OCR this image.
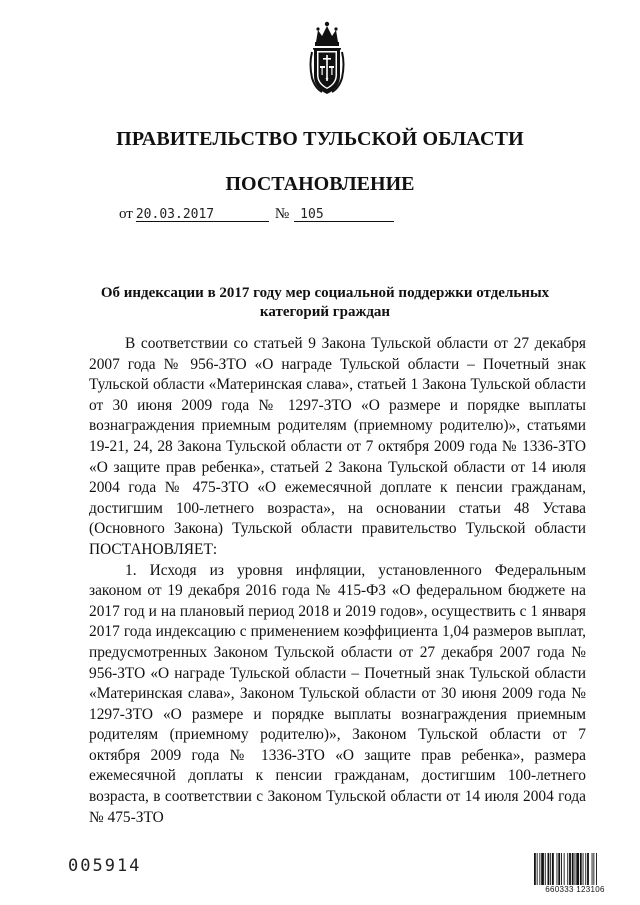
ПРАВИТЕЛЬСТВО ТУЛЬСКОЙ ОБЛАСТИ
ПОСТАНОВЛЕНИЕ
от 20.03.2017	№ 105
Об индексации в 2017 году мер социальной поддержки отдельных категорий граждан

В соответствии со статьей 9 Закона Тульской области от 27 декабря 2007 года № 956-ЗТО «О награде Тульской области – Почетный знак Тульской области «Материнская слава», статьей 1 Закона Тульской области от 30 июня 2009 года № 1297-ЗТО «О размере и порядке выплаты вознаграждения приемным родителям (приемному родителю)», статьями 19-21, 24, 28 Закона Тульской области от 7 октября 2009 года № 1336-ЗТО «О защите прав ребенка», статьей 2 Закона Тульской области от 14 июля 2004 года № 475-ЗТО «О ежемесячной доплате к пенсии гражданам, достигшим 100-летнего возраста», на основании статьи 48 Устава (Основного Закона) Тульской области правительство Тульской области ПОСТАНОВЛЯЕТ:

1. Исходя из уровня инфляции, установленного Федеральным законом от 19 декабря 2016 года № 415-ФЗ «О федеральном бюджете на 2017 год и на плановый период 2018 и 2019 годов», осуществить с 1 января 2017 года индексацию с применением коэффициента 1,04 размеров выплат, предусмотренных Законом Тульской области от 27 декабря 2007 года № 956-ЗТО «О награде Тульской области – Почетный знак Тульской области «Материнская слава», Законом Тульской области от 30 июня 2009 года № 1297-ЗТО «О размере и порядке выплаты вознаграждения приемным родителям (приемному родителю)», Законом Тульской области от 7 октября 2009 года № 1336-ЗТО «О защите прав ребенка», размера ежемесячной доплаты к пенсии гражданам, достигшим 100-летнего возраста, в соответствии с Законом Тульской области от 14 июля 2004 года № 475-ЗТО

005914
660333 123106
